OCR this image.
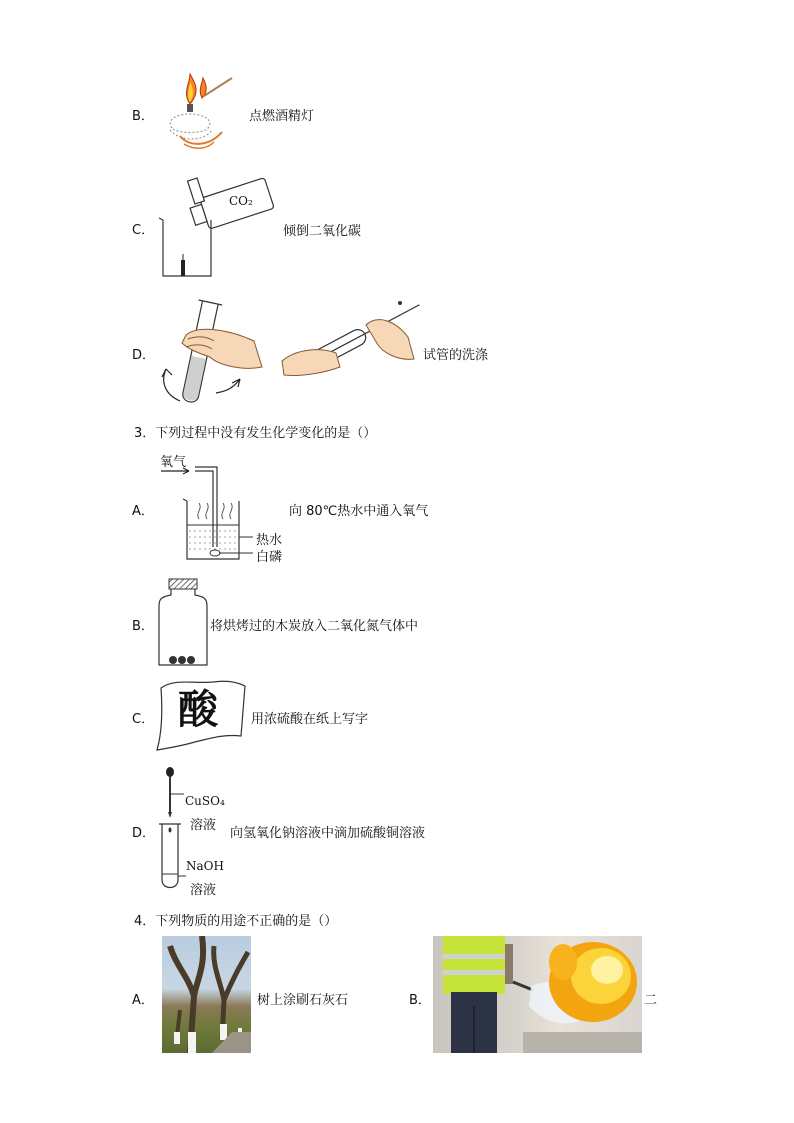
B．	点燃酒精灯
C．
CO₂
倾倒二氧化碳
D．	试管的洗涤
3．下列过程中没有发生化学变化的是（）
A．
氧气
热水
白磷
向 80℃热水中通入氧气
B．	将烘烤过的木炭放入二氧化氮气体中
C． 酸	用浓硫酸在纸上写字
D．
CuSO₄
溶液
NaOH
溶液
向氢氧化钠溶液中滴加硫酸铜溶液
4．下列物质的用途不正确的是（）
A．	树上涂刷石灰石	B．	二
